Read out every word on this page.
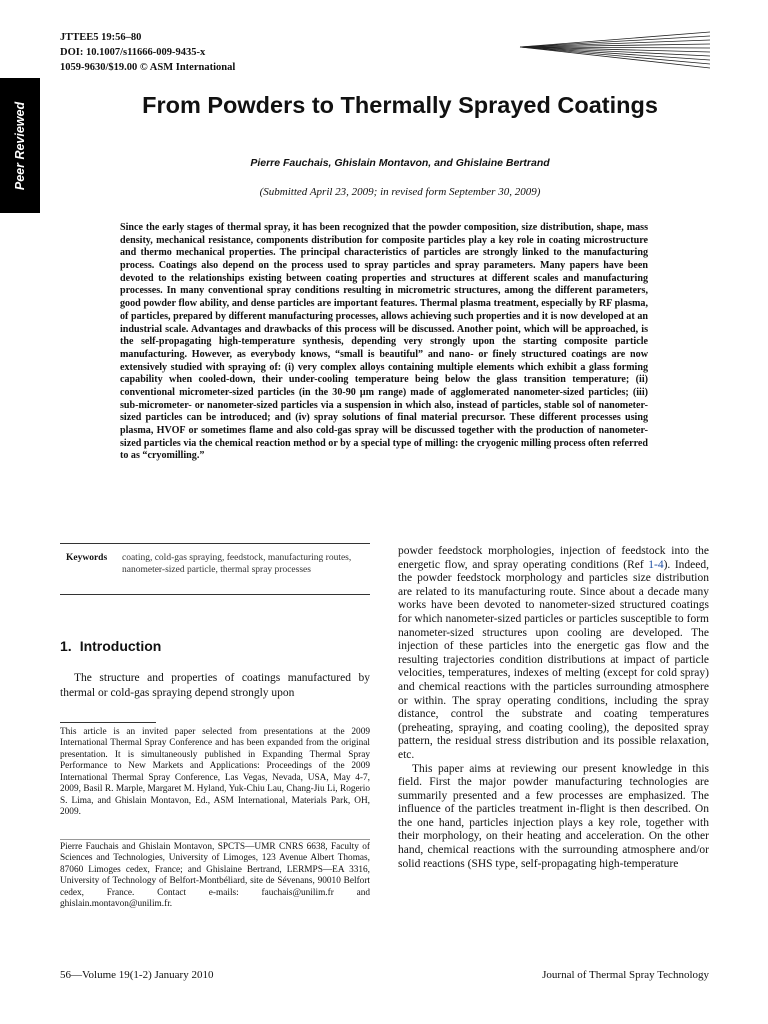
Peer Reviewed
JTTEE5 19:56–80
DOI: 10.1007/s11666-009-9435-x
1059-9630/$19.00 © ASM International
From Powders to Thermally Sprayed Coatings
Pierre Fauchais, Ghislain Montavon, and Ghislaine Bertrand
(Submitted April 23, 2009; in revised form September 30, 2009)

Since the early stages of thermal spray, it has been recognized that the powder composition, size distribution, shape, mass density, mechanical resistance, components distribution for composite particles play a key role in coating microstructure and thermo mechanical properties. The principal characteristics of particles are strongly linked to the manufacturing process. Coatings also depend on the process used to spray particles and spray parameters. Many papers have been devoted to the relationships existing between coating properties and structures at different scales and manufacturing processes. In many conventional spray conditions resulting in micrometric structures, among the different parameters, good powder flow ability, and dense particles are important features. Thermal plasma treatment, especially by RF plasma, of particles, prepared by different manufacturing processes, allows achieving such properties and it is now developed at an industrial scale. Advantages and drawbacks of this process will be discussed. Another point, which will be approached, is the self-propagating high-temperature synthesis, depending very strongly upon the starting composite particle manufacturing. However, as everybody knows, “small is beautiful” and nano- or finely structured coatings are now extensively studied with spraying of: (i) very complex alloys containing multiple elements which exhibit a glass forming capability when cooled-down, their under-cooling temperature being below the glass transition temperature; (ii) conventional micrometer-sized particles (in the 30-90 μm range) made of agglomerated nanometer-sized particles; (iii) sub-micrometer- or nanometer-sized particles via a suspension in which also, instead of particles, stable sol of nanometer-sized particles can be introduced; and (iv) spray solutions of final material precursor. These different processes using plasma, HVOF or sometimes flame and also cold-gas spray will be discussed together with the production of nanometer-sized particles via the chemical reaction method or by a special type of milling: the cryogenic milling process often referred to as “cryomilling.”

Keywords coating, cold-gas spraying, feedstock, manufacturing routes, nanometer-sized particle, thermal spray processes
1. Introduction

The structure and properties of coatings manufactured by thermal or cold-gas spraying depend strongly upon

This article is an invited paper selected from presentations at the 2009 International Thermal Spray Conference and has been expanded from the original presentation. It is simultaneously published in Expanding Thermal Spray Performance to New Markets and Applications: Proceedings of the 2009 International Thermal Spray Conference, Las Vegas, Nevada, USA, May 4-7, 2009, Basil R. Marple, Margaret M. Hyland, Yuk-Chiu Lau, Chang-Jiu Li, Rogerio S. Lima, and Ghislain Montavon, Ed., ASM International, Materials Park, OH, 2009.

Pierre Fauchais and Ghislain Montavon, SPCTS—UMR CNRS 6638, Faculty of Sciences and Technologies, University of Limoges, 123 Avenue Albert Thomas, 87060 Limoges cedex, France; and Ghislaine Bertrand, LERMPS—EA 3316, University of Technology of Belfort-Montbéliard, site de Sévenans, 90010 Belfort cedex, France. Contact e-mails: fauchais@unilim.fr and ghislain.montavon@unilim.fr.

powder feedstock morphologies, injection of feedstock into the energetic flow, and spray operating conditions (Ref 1-4). Indeed, the powder feedstock morphology and particles size distribution are related to its manufacturing route. Since about a decade many works have been devoted to nanometer-sized structured coatings for which nanometer-sized particles or particles susceptible to form nanometer-sized structures upon cooling are developed. The injection of these particles into the energetic gas flow and the resulting trajectories condition distributions at impact of particle velocities, temperatures, indexes of melting (except for cold spray) and chemical reactions with the particles surrounding atmosphere or within. The spray operating conditions, including the spray distance, control the substrate and coating temperatures (preheating, spraying, and coating cooling), the deposited spray pattern, the residual stress distribution and its possible relaxation, etc.

This paper aims at reviewing our present knowledge in this field. First the major powder manufacturing technologies are summarily presented and a few processes are emphasized. The influence of the particles treatment in-flight is then described. On the one hand, particles injection plays a key role, together with their morphology, on their heating and acceleration. On the other hand, chemical reactions with the surrounding atmosphere and/or solid reactions (SHS type, self-propagating high-temperature

56—Volume 19(1-2) January 2010	Journal of Thermal Spray Technology
